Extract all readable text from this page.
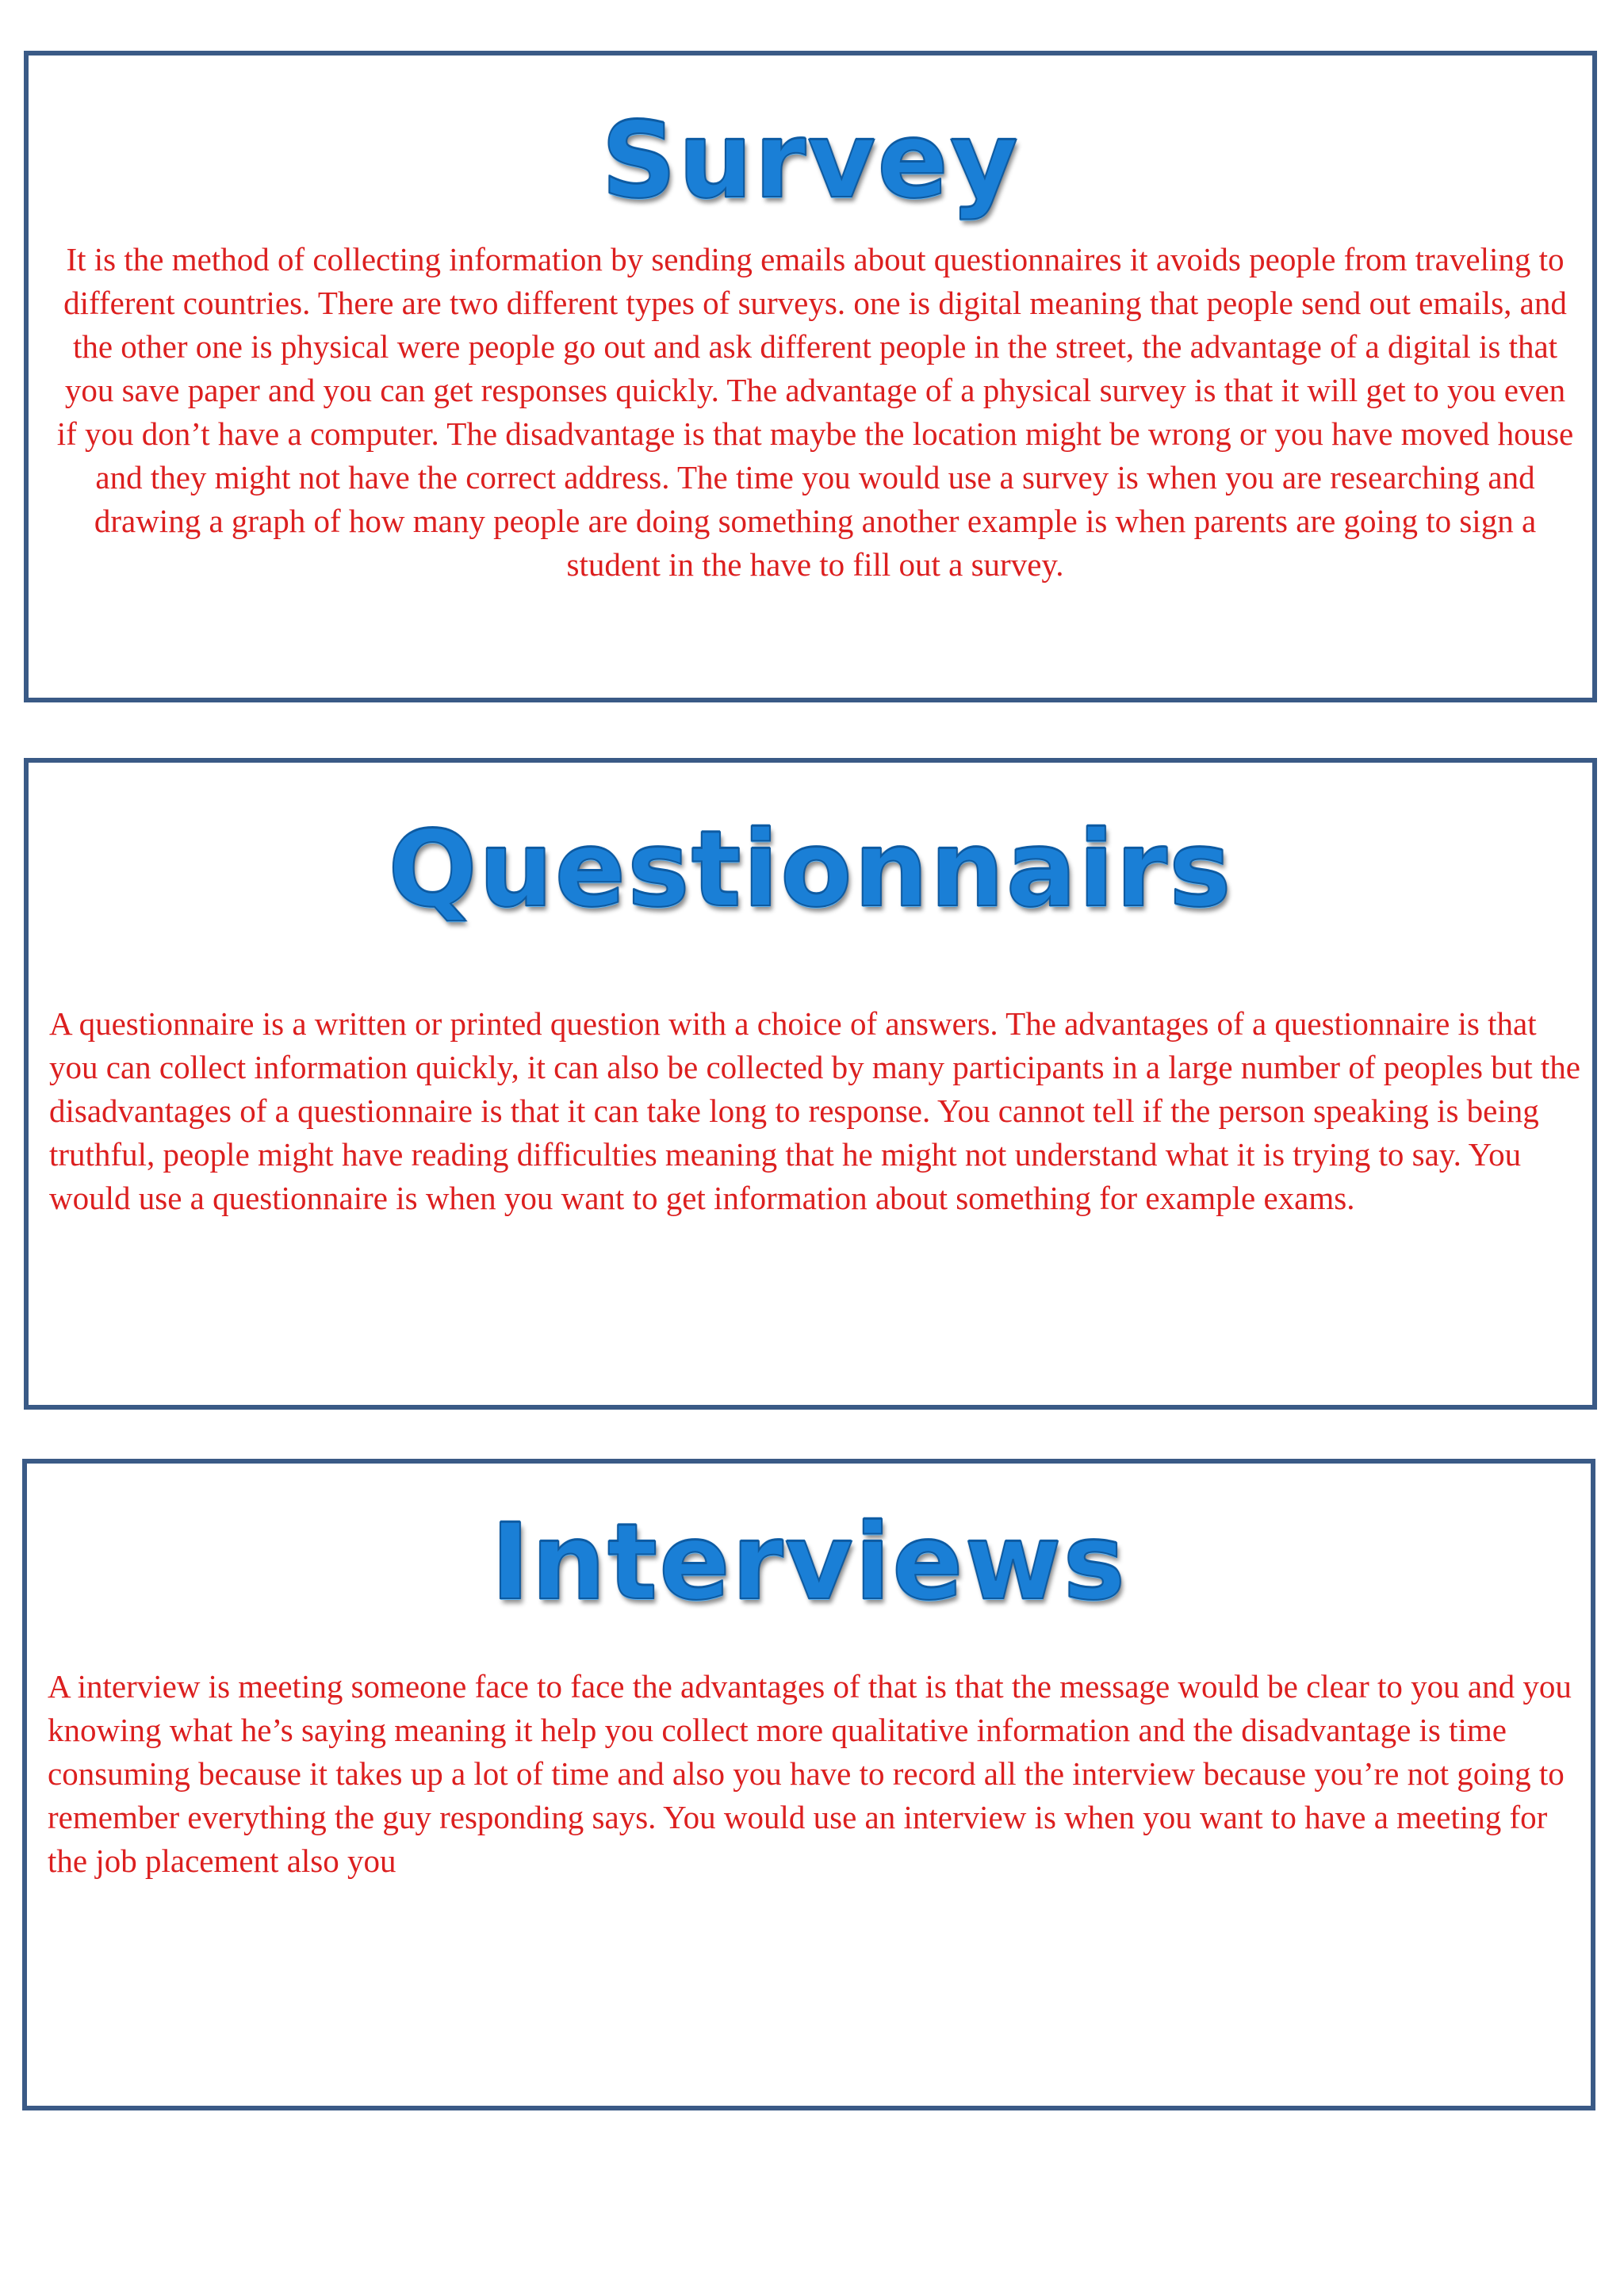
Survey

It is the method of collecting information by sending emails about questionnaires it avoids people from traveling to different countries. There are two different types of surveys. one is digital meaning that people send out emails, and the other one is physical were people go out and ask different people in the street, the advantage of a digital is that you save paper and you can get responses quickly. The advantage of a physical survey is that it will get to you even if you don’t have a computer. The disadvantage is that maybe the location might be wrong or you have moved house and they might not have the correct address. The time you would use a survey is when you are researching and drawing a graph of how many people are doing something another example is when parents are going to sign a student in the have to fill out a survey.

Questionnairs

A questionnaire is a written or printed question with a choice of answers. The advantages of a questionnaire is that you can collect information quickly, it can also be collected by many participants in a large number of peoples but the disadvantages of a questionnaire is that it can take long to response. You cannot tell if the person speaking is being truthful, people might have reading difficulties meaning that he might not understand what it is trying to say. You would use a questionnaire is when you want to get information about something for example exams.

Interviews

A interview is meeting someone face to face the advantages of that is that the message would be clear to you and you knowing what he’s saying meaning it help you collect more qualitative information and the disadvantage is time consuming because it takes up a lot of time and also you have to record all the interview because you’re not going to remember everything the guy responding says. You would use an interview is when you want to have a meeting for the job placement also you
